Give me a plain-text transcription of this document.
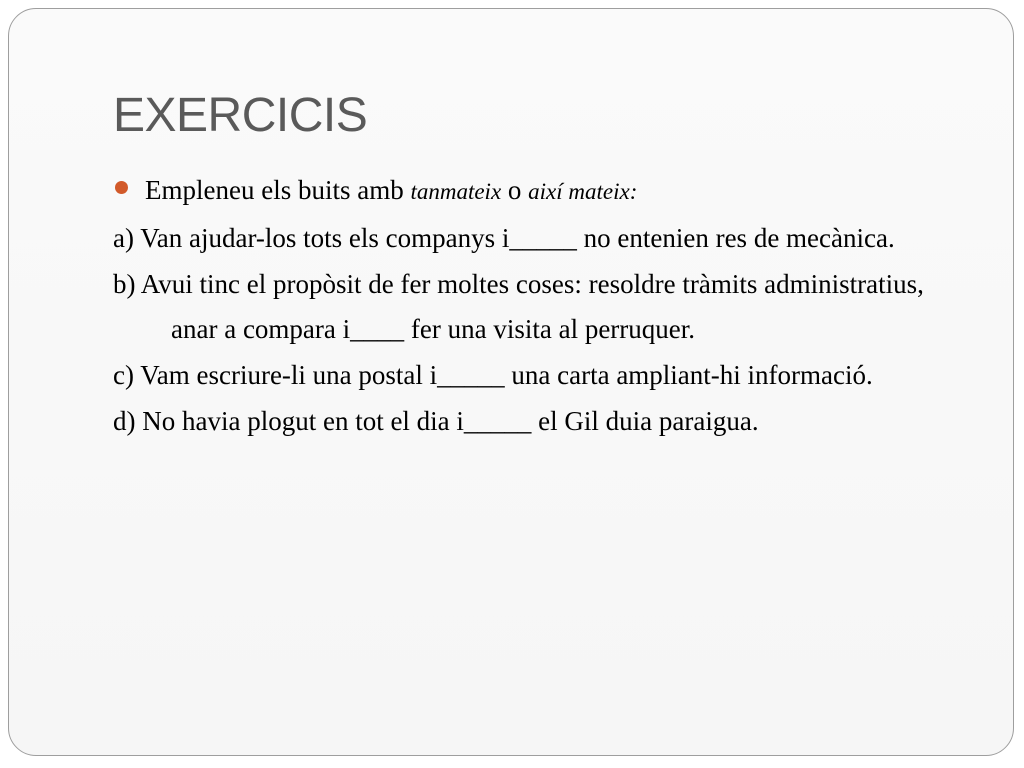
EXERCICIS
Empleneu els buits amb tanmateix o així mateix:
a) Van ajudar-los tots els companys i_____ no entenien res de mecànica.
b) Avui tinc el propòsit de fer moltes coses: resoldre tràmits administratius, anar a compara i____ fer una visita al perruquer.
c) Vam escriure-li una postal i_____ una carta ampliant-hi informació.
d) No havia plogut en tot el dia i_____ el Gil duia paraigua.
